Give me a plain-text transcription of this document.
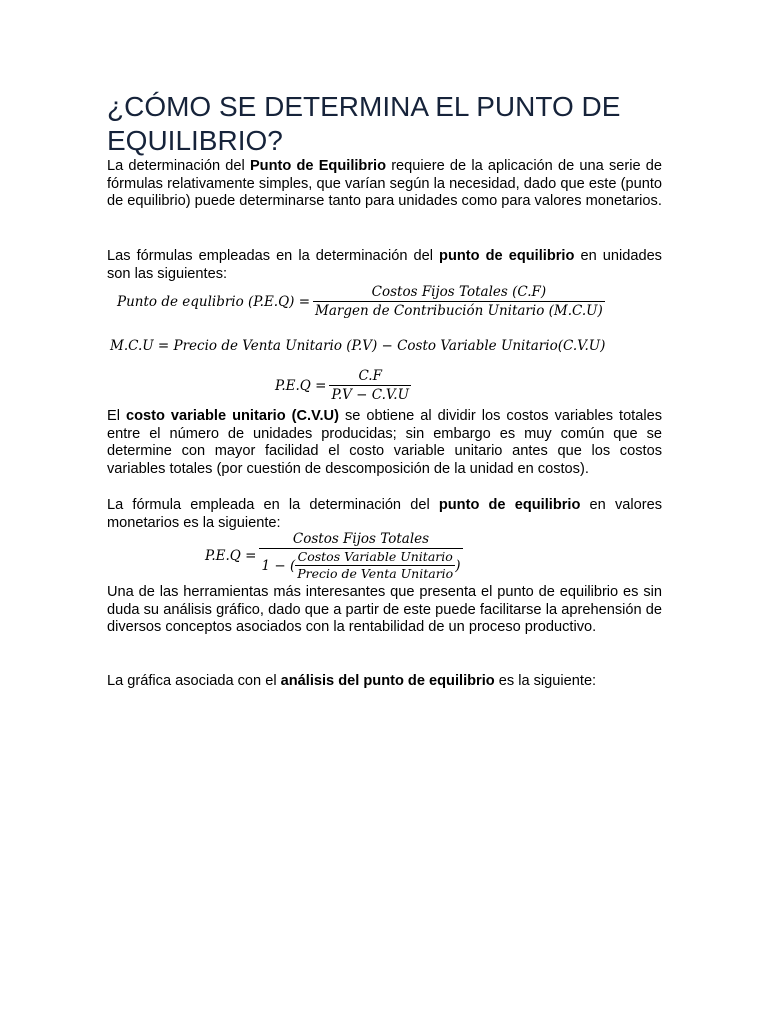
¿CÓMO SE DETERMINA EL PUNTO DE EQUILIBRIO?

La determinación del Punto de Equilibrio requiere de la aplicación de una serie de fórmulas relativamente simples, que varían según la necesidad, dado que este (punto de equilibrio) puede determinarse tanto para unidades como para valores monetarios.

Las fórmulas empleadas en la determinación del punto de equilibrio en unidades son las siguientes:

Punto de equlibrio $(P.E.Q) = \frac{\text{Costos Fijos Totales (C.F)}}{\text{Margen de Contribución Unitario (M.C.U)}}$
M.C.U = Precio de Venta Unitario (P.V) − Costo Variable Unitario(C.V.U)
$P.E.Q = \frac{C.F}{P.V - C.V.U}$

El costo variable unitario (C.V.U) se obtiene al dividir los costos variables totales entre el número de unidades producidas; sin embargo es muy común que se determine con mayor facilidad el costo variable unitario antes que los costos variables totales (por cuestión de descomposición de la unidad en costos).

La fórmula empleada en la determinación del punto de equilibrio en valores monetarios es la siguiente:

P.E.Q =
Costos Fijos Totales
1 − ( $\frac{\text{Costos Variable Unitario}}{\text{Precio de Venta Unitario}}$ )

Una de las herramientas más interesantes que presenta el punto de equilibrio es sin duda su análisis gráfico, dado que a partir de este puede facilitarse la aprehensión de diversos conceptos asociados con la rentabilidad de un proceso productivo.

La gráfica asociada con el análisis del punto de equilibrio es la siguiente:
